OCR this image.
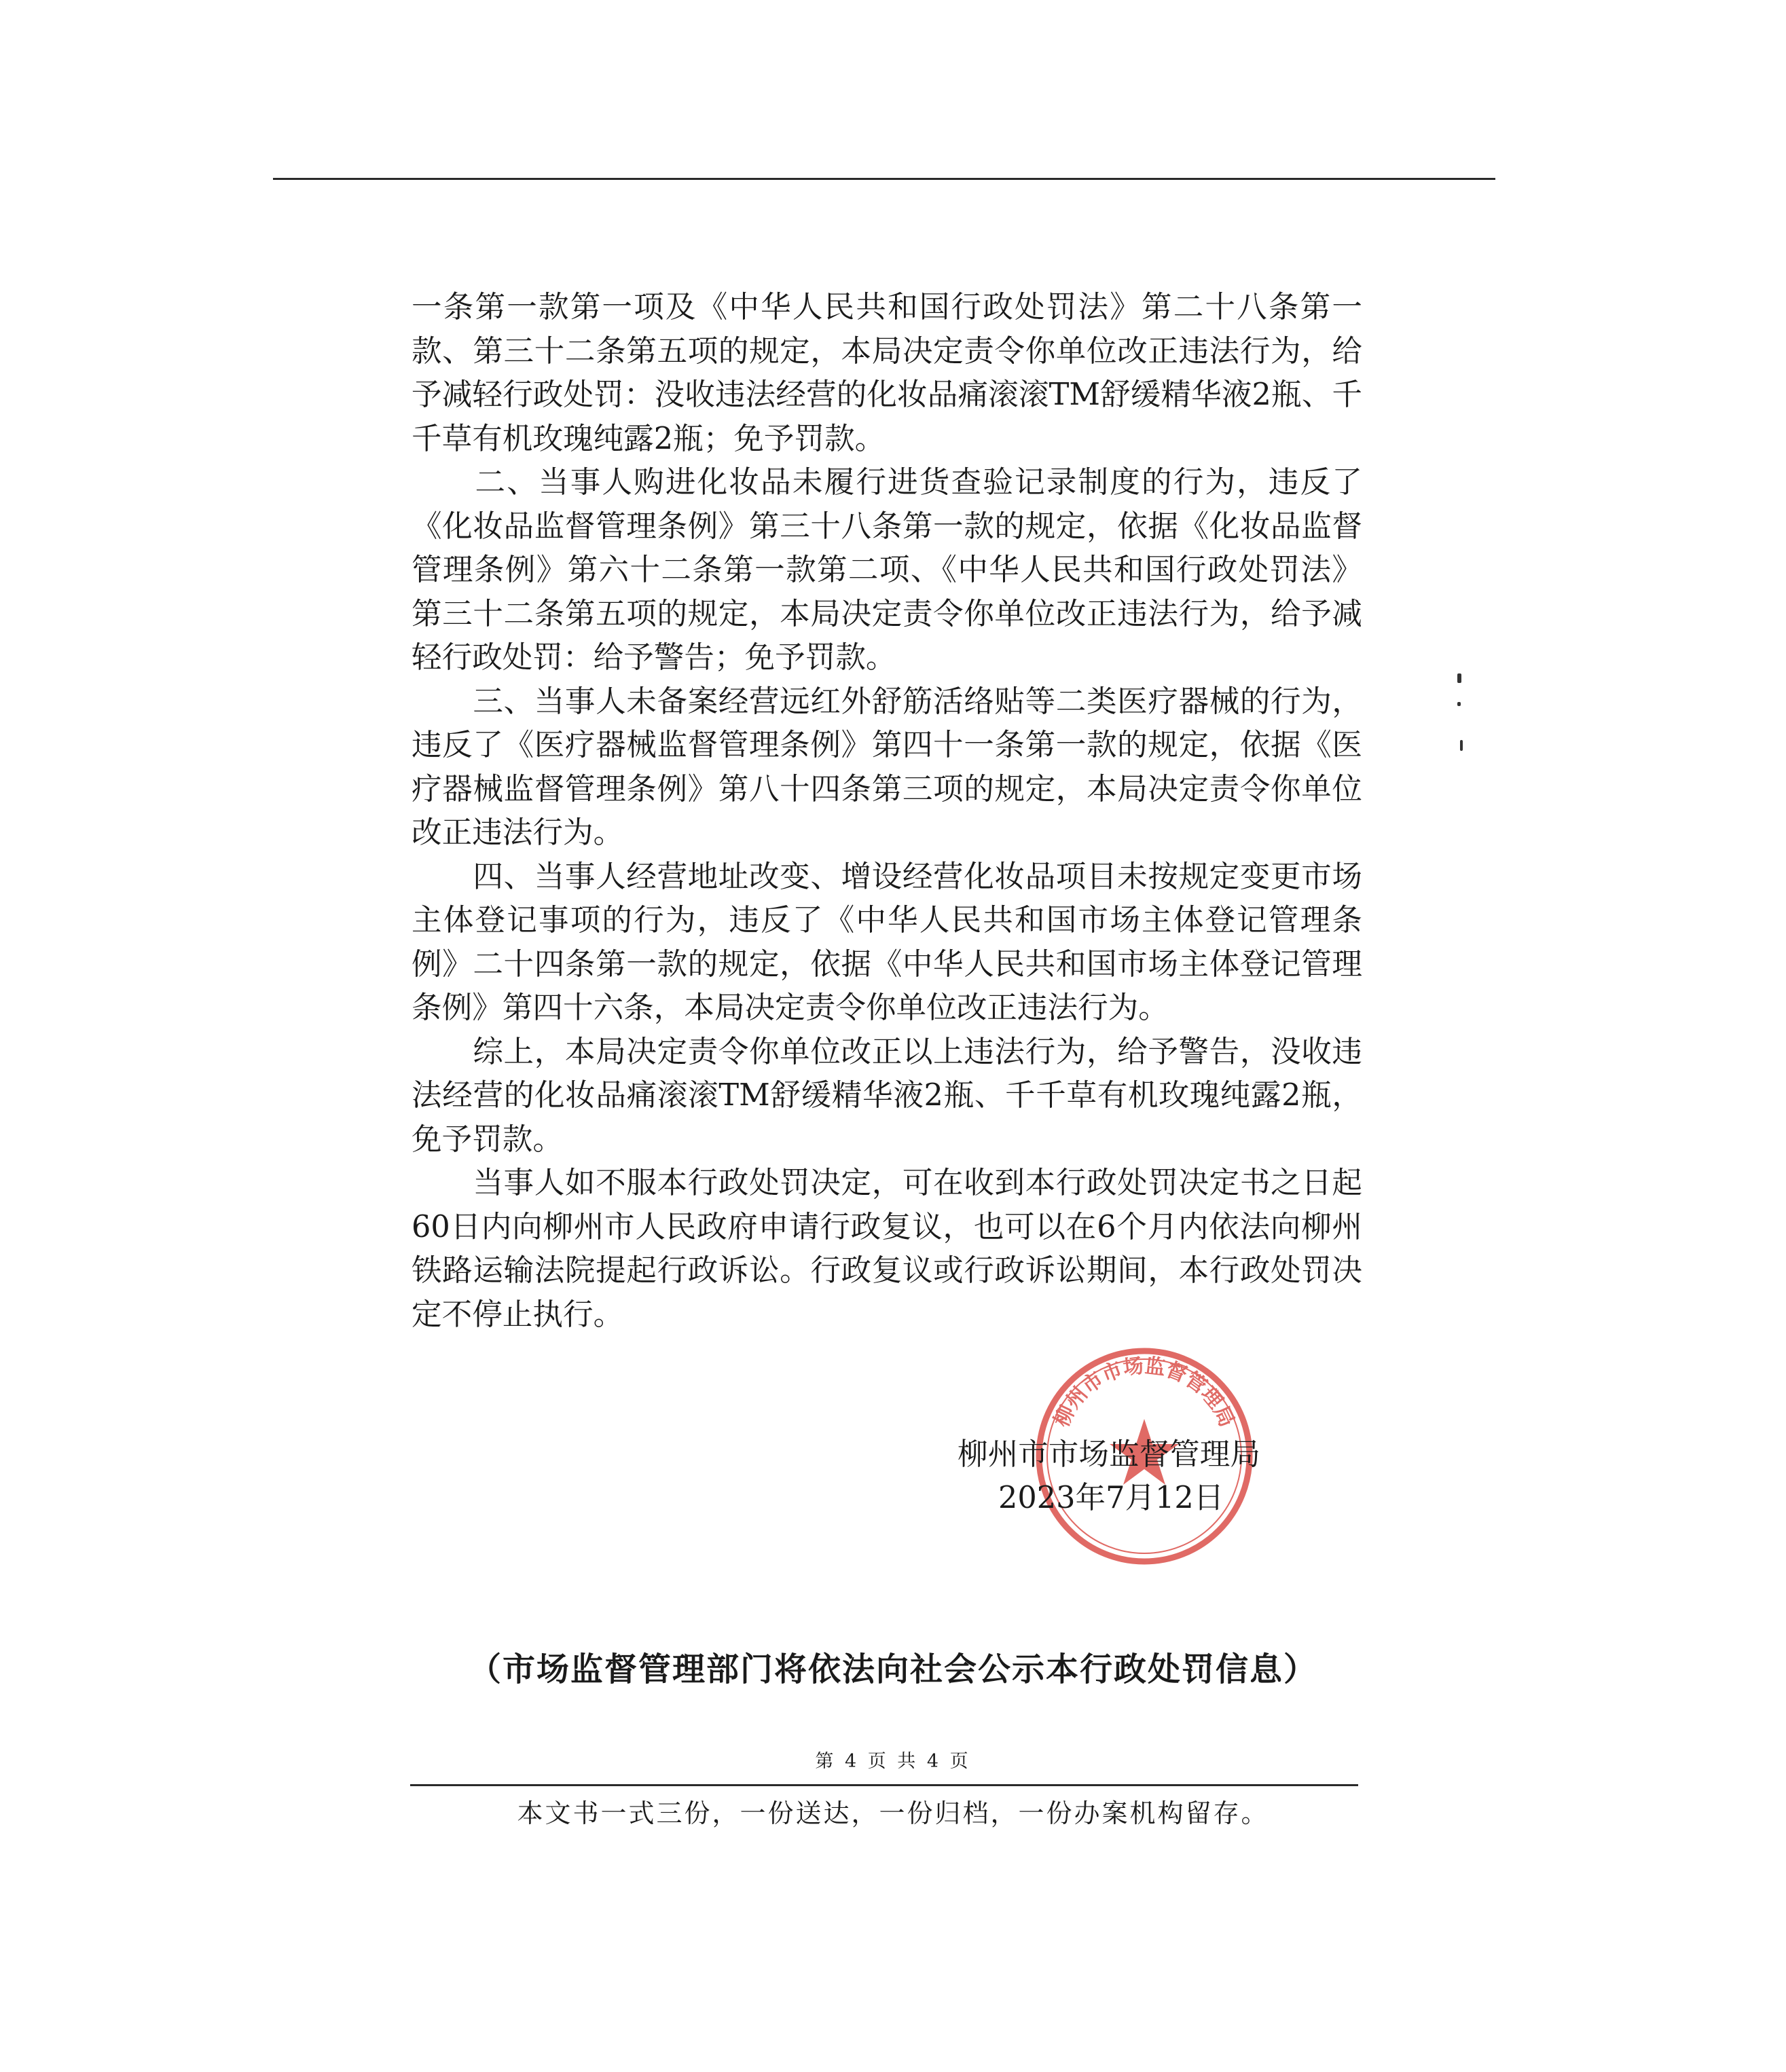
一条第一款第一项及《中华人民共和国行政处罚法》第二十八条第一款、第三十二条第五项的规定，本局决定责令你单位改正违法行为，给予减轻行政处罚：没收违法经营的化妆品痛滚滚TM舒缓精华液2瓶、千千草有机玫瑰纯露2瓶；免予罚款。

　　二、当事人购进化妆品未履行进货查验记录制度的行为，违反了《化妆品监督管理条例》第三十八条第一款的规定，依据《化妆品监督管理条例》第六十二条第一款第二项、《中华人民共和国行政处罚法》第三十二条第五项的规定，本局决定责令你单位改正违法行为，给予减轻行政处罚：给予警告；免予罚款。

　　三、当事人未备案经营远红外舒筋活络贴等二类医疗器械的行为，违反了《医疗器械监督管理条例》第四十一条第一款的规定，依据《医疗器械监督管理条例》第八十四条第三项的规定，本局决定责令你单位改正违法行为。

　　四、当事人经营地址改变、增设经营化妆品项目未按规定变更市场主体登记事项的行为，违反了《中华人民共和国市场主体登记管理条例》二十四条第一款的规定，依据《中华人民共和国市场主体登记管理条例》第四十六条，本局决定责令你单位改正违法行为。

　　综上，本局决定责令你单位改正以上违法行为，给予警告，没收违法经营的化妆品痛滚滚TM舒缓精华液2瓶、千千草有机玫瑰纯露2瓶，免予罚款。

　　当事人如不服本行政处罚决定，可在收到本行政处罚决定书之日起60日内向柳州市人民政府申请行政复议，也可以在6个月内依法向柳州铁路运输法院提起行政诉讼。行政复议或行政诉讼期间，本行政处罚决定不停止执行。

柳州市市场监督管理局
柳州市市场监督管理局
2023年7月12日
（市场监督管理部门将依法向社会公示本行政处罚信息）
第 4 页 共 4 页
本文书一式三份，一份送达，一份归档，一份办案机构留存。
